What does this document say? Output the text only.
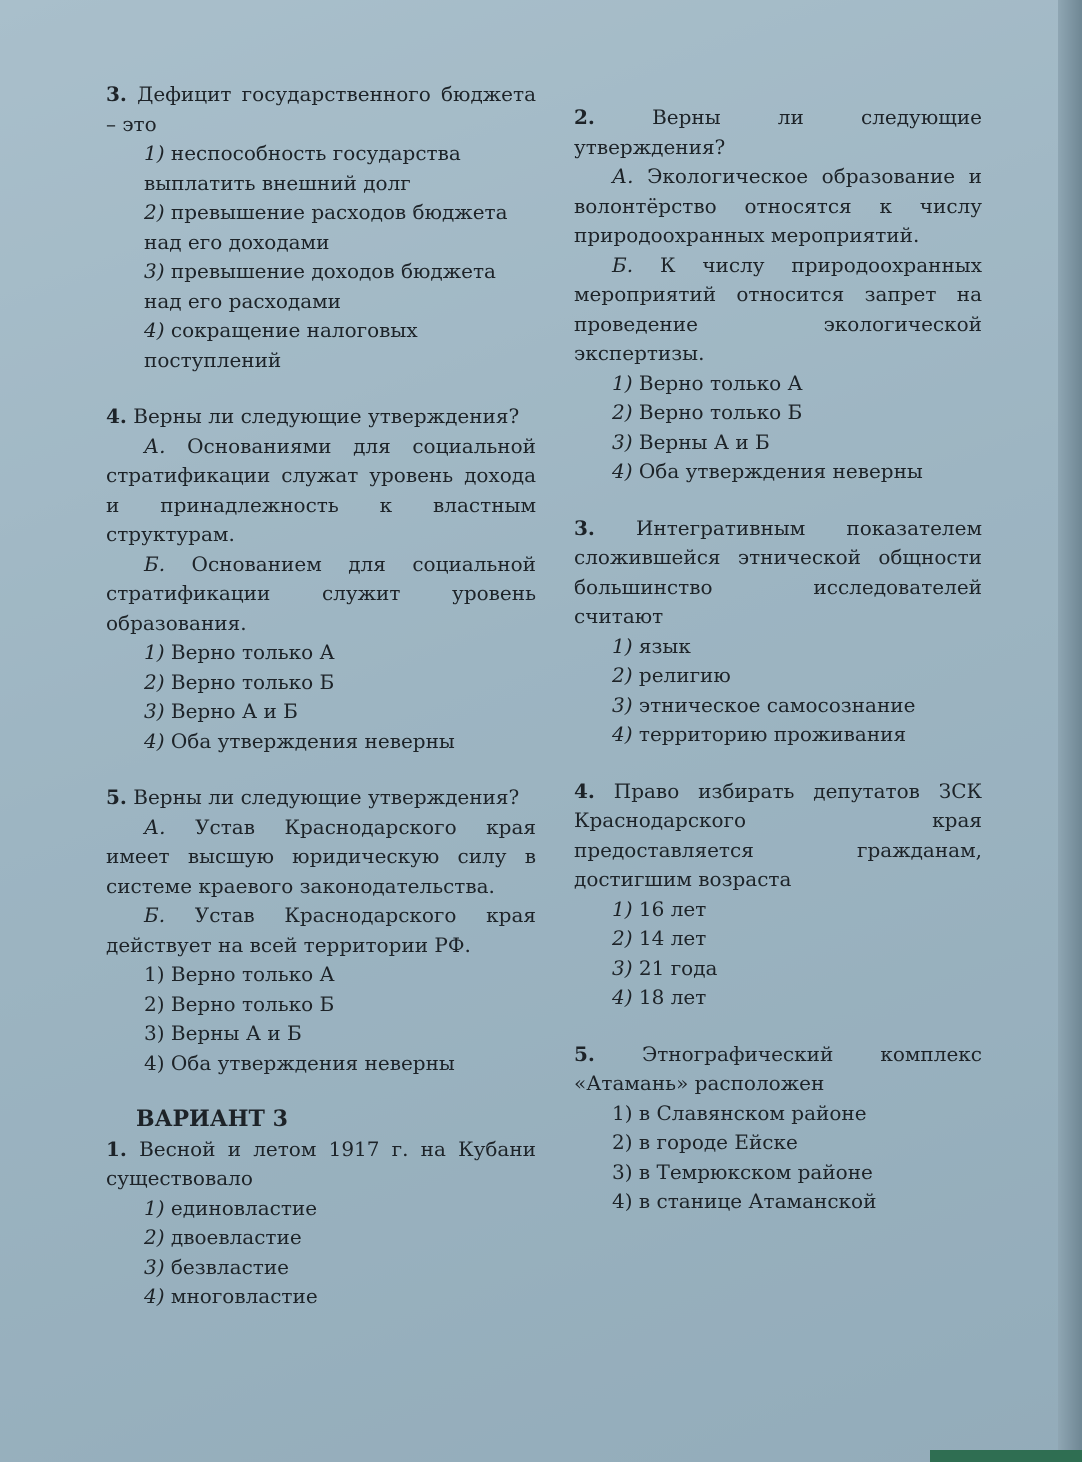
3. Дефицит государственного бюджета – это
1) неспособность государства выплатить внешний долг
2) превышение расходов бюджета над его доходами
3) превышение доходов бюджета над его расходами
4) сокращение налоговых поступлений
4. Верны ли следующие утверждения?
А. Основаниями для социальной стратификации служат уровень дохода и принадлежность к властным структурам.
Б. Основанием для социальной стратификации служит уровень образования.
1) Верно только А
2) Верно только Б
3) Верно А и Б
4) Оба утверждения неверны
5. Верны ли следующие утверждения?
А. Устав Краснодарского края имеет высшую юридическую силу в системе краевого законодательства.
Б. Устав Краснодарского края действует на всей территории РФ.
1) Верно только А
2) Верно только Б
3) Верны А и Б
4) Оба утверждения неверны
ВАРИАНТ 3
1. Весной и летом 1917 г. на Кубани существовало
1) единовластие
2) двоевластие
3) безвластие
4) многовластие
2.	Верны ли следующие утверждения?
А. Экологическое образование и волонтёрство относятся к числу природоохранных мероприятий.
Б. К числу природоохранных мероприятий относится запрет на проведение экологической экспертизы.
1) Верно только А
2) Верно только Б
3) Верны А и Б
4) Оба утверждения неверны
3. Интегративным показателем сложившейся этнической общности большинство исследователей считают
1) язык
2) религию
3) этническое самосознание
4) территорию проживания
4. Право избирать депутатов ЗСК Краснодарского края предоставляется гражданам, достигшим возраста
1) 16 лет
2) 14 лет
3) 21 года
4) 18 лет
5. Этнографический комплекс «Атамань» расположен
1) в Славянском районе
2) в городе Ейске
3) в Темрюкском районе
4) в станице Атаманской
